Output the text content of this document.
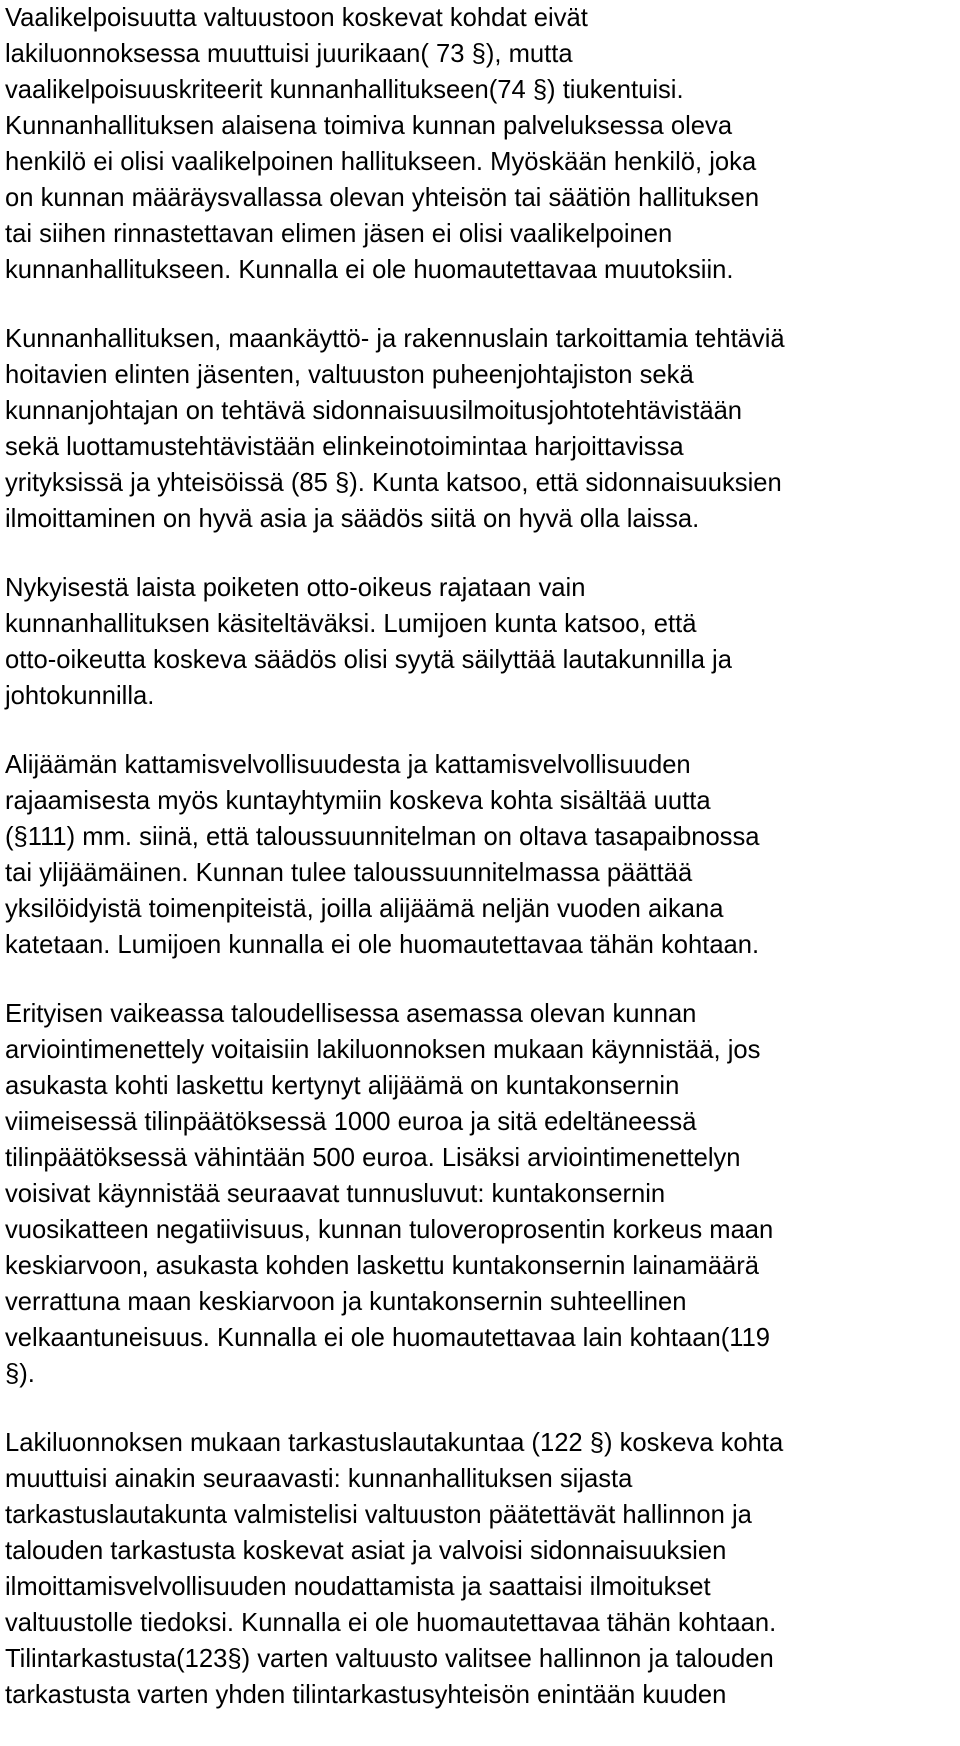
Vaalikelpoisuutta valtuustoon koskevat kohdat eivät
lakiluonnoksessa muuttuisi juurikaan( 73 §), mutta
vaalikelpoisuuskriteerit kunnanhallitukseen(74 §) tiukentuisi.
Kunnanhallituksen alaisena toimiva kunnan palveluksessa oleva
henkilö ei olisi vaalikelpoinen hallitukseen. Myöskään henkilö, joka
on kunnan määräysvallassa olevan yhteisön tai säätiön hallituksen
tai siihen rinnastettavan elimen jäsen ei olisi vaalikelpoinen
kunnanhallitukseen. Kunnalla ei ole huomautettavaa muutoksiin.

Kunnanhallituksen, maankäyttö- ja rakennuslain tarkoittamia tehtäviä
hoitavien elinten jäsenten, valtuuston puheenjohtajiston sekä
kunnanjohtajan on tehtävä sidonnaisuusilmoitusjohtotehtävistään
sekä luottamustehtävistään elinkeinotoimintaa harjoittavissa
yrityksissä ja yhteisöissä (85 §). Kunta katsoo, että sidonnaisuuksien
ilmoittaminen on hyvä asia ja säädös siitä on hyvä olla laissa.

Nykyisestä laista poiketen otto-oikeus rajataan vain
kunnanhallituksen käsiteltäväksi. Lumijoen kunta katsoo, että
otto-oikeutta koskeva säädös olisi syytä säilyttää lautakunnilla ja
johtokunnilla.

Alijäämän kattamisvelvollisuudesta ja kattamisvelvollisuuden
rajaamisesta myös kuntayhtymiin koskeva kohta sisältää uutta
(§111) mm. siinä, että taloussuunnitelman on oltava tasapaibnossa
tai ylijäämäinen. Kunnan tulee taloussuunnitelmassa päättää
yksilöidyistä toimenpiteistä, joilla alijäämä neljän vuoden aikana
katetaan. Lumijoen kunnalla ei ole huomautettavaa tähän kohtaan.

Erityisen vaikeassa taloudellisessa asemassa olevan kunnan
arviointimenettely voitaisiin lakiluonnoksen mukaan käynnistää, jos
asukasta kohti laskettu kertynyt alijäämä on kuntakonsernin
viimeisessä tilinpäätöksessä 1000 euroa ja sitä edeltäneessä
tilinpäätöksessä vähintään 500 euroa. Lisäksi arviointimenettelyn
voisivat käynnistää seuraavat tunnusluvut: kuntakonsernin
vuosikatteen negatiivisuus, kunnan tuloveroprosentin korkeus maan
keskiarvoon, asukasta kohden laskettu kuntakonsernin lainamäärä
verrattuna maan keskiarvoon ja kuntakonsernin suhteellinen
velkaantuneisuus. Kunnalla ei ole huomautettavaa lain kohtaan(119
§).

Lakiluonnoksen mukaan tarkastuslautakuntaa (122 §) koskeva kohta
muuttuisi ainakin seuraavasti: kunnanhallituksen sijasta
tarkastuslautakunta valmistelisi valtuuston päätettävät hallinnon ja
talouden tarkastusta koskevat asiat ja valvoisi sidonnaisuuksien
ilmoittamisvelvollisuuden noudattamista ja saattaisi ilmoitukset
valtuustolle tiedoksi. Kunnalla ei ole huomautettavaa tähän kohtaan.
Tilintarkastusta(123§) varten valtuusto valitsee hallinnon ja talouden
tarkastusta varten yhden tilintarkastusyhteisön enintään kuuden
